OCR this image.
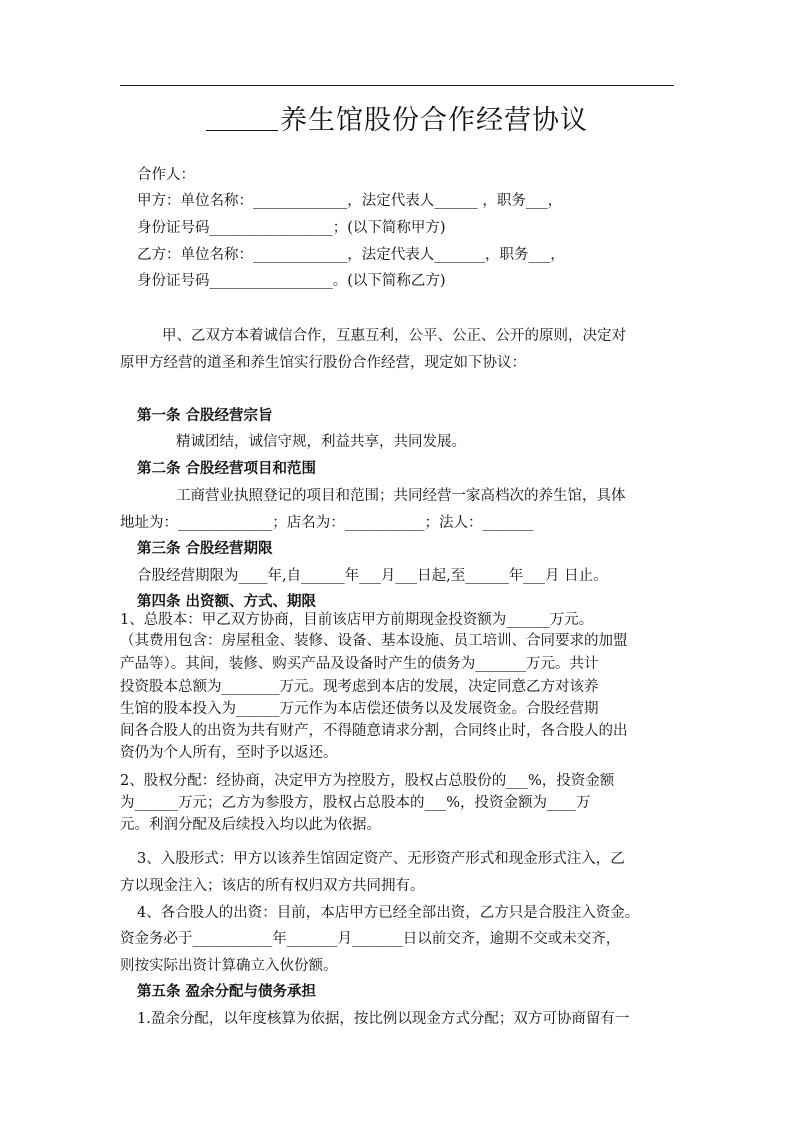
养生馆股份合作经营协议
合作人：
甲方：单位名称：_____________，法定代表人______ ，职务___，
身份证号码_________________；(以下简称甲方)
乙方：单位名称：_____________，法定代表人_______，职务___，
身份证号码_________________。(以下简称乙方)
甲、乙双方本着诚信合作，互惠互利，公平、公正、公开的原则，决定对
原甲方经营的道圣和养生馆实行股份合作经营，现定如下协议：
第一条 合股经营宗旨
精诚团结，诚信守规，利益共享，共同发展。
第二条 合股经营项目和范围
工商营业执照登记的项目和范围；共同经营一家高档次的养生馆，具体
地址为：_____________；店名为：___________；法人：_______
第三条 合股经营期限
合股经营期限为____年,自______年___月___日起,至______年___月 日止。
第四条 出资额、方式、期限
1、总股本：甲乙双方协商，目前该店甲方前期现金投资额为______万元。
（其费用包含：房屋租金、装修、设备、基本设施、员工培训、合同要求的加盟
产品等）。其间，装修、购买产品及设备时产生的债务为_______万元。共计
投资股本总额为________万元。现考虑到本店的发展，决定同意乙方对该养
生馆的股本投入为______万元作为本店偿还债务以及发展资金。合股经营期
间各合股人的出资为共有财产，不得随意请求分割，合同终止时，各合股人的出
资仍为个人所有，至时予以返还。
2、股权分配：经协商，决定甲方为控股方，股权占总股份的___%，投资金额
为______万元；乙方为参股方，股权占总股本的___%，投资金额为____万
元。利润分配及后续投入均以此为依据。
3、入股形式：甲方以该养生馆固定资产、无形资产形式和现金形式注入，乙
方以现金注入；该店的所有权归双方共同拥有。
4、各合股人的出资：目前，本店甲方已经全部出资，乙方只是合股注入资金。
资金务必于___________年_______月_______日以前交齐，逾期不交或未交齐，
则按实际出资计算确立入伙份额。
第五条 盈余分配与债务承担
1.盈余分配，以年度核算为依据，按比例以现金方式分配；双方可协商留有一
